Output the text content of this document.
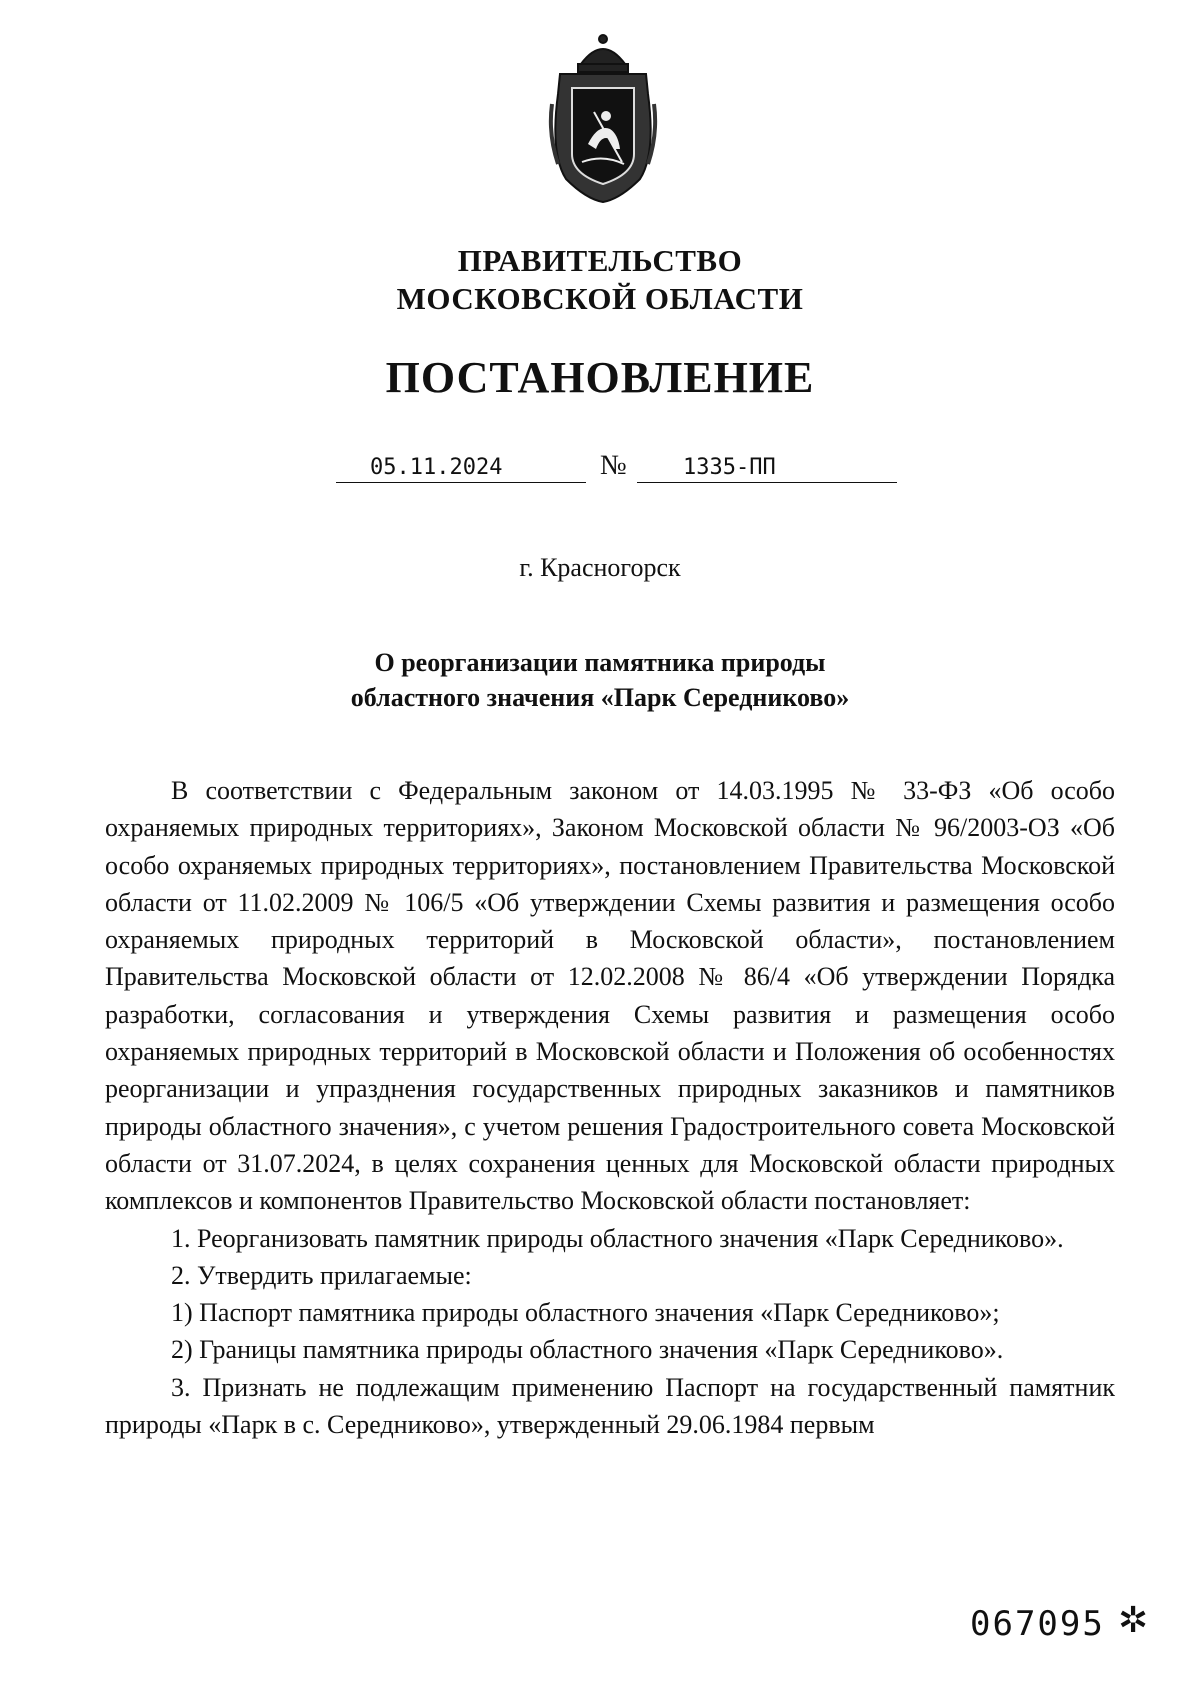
ПРАВИТЕЛЬСТВО
МОСКОВСКОЙ ОБЛАСТИ
ПОСТАНОВЛЕНИЕ
05.11.2024	№	1335-ПП
г. Красногорск
О реорганизации памятника природы
областного значения «Парк Середниково»

В соответствии с Федеральным законом от 14.03.1995 № 33-ФЗ «Об особо охраняемых природных территориях», Законом Московской области № 96/2003-ОЗ «Об особо охраняемых природных территориях», постановлением Правительства Московской области от 11.02.2009 № 106/5 «Об утверждении Схемы развития и размещения особо охраняемых природных территорий в Московской области», постановлением Правительства Московской области от 12.02.2008 № 86/4 «Об утверждении Порядка разработки, согласования и утверждения Схемы развития и размещения особо охраняемых природных территорий в Московской области и Положения об особенностях реорганизации и упразднения государственных природных заказников и памятников природы областного значения», с учетом решения Градостроительного совета Московской области от 31.07.2024, в целях сохранения ценных для Московской области природных комплексов и компонентов Правительство Московской области постановляет:

1. Реорганизовать памятник природы областного значения «Парк Середниково».

2. Утвердить прилагаемые:

1) Паспорт памятника природы областного значения «Парк Середниково»;

2) Границы памятника природы областного значения «Парк Середниково».

3. Признать не подлежащим применению Паспорт на государственный памятник природы «Парк в с. Середниково», утвержденный 29.06.1984 первым

067095 ✲
